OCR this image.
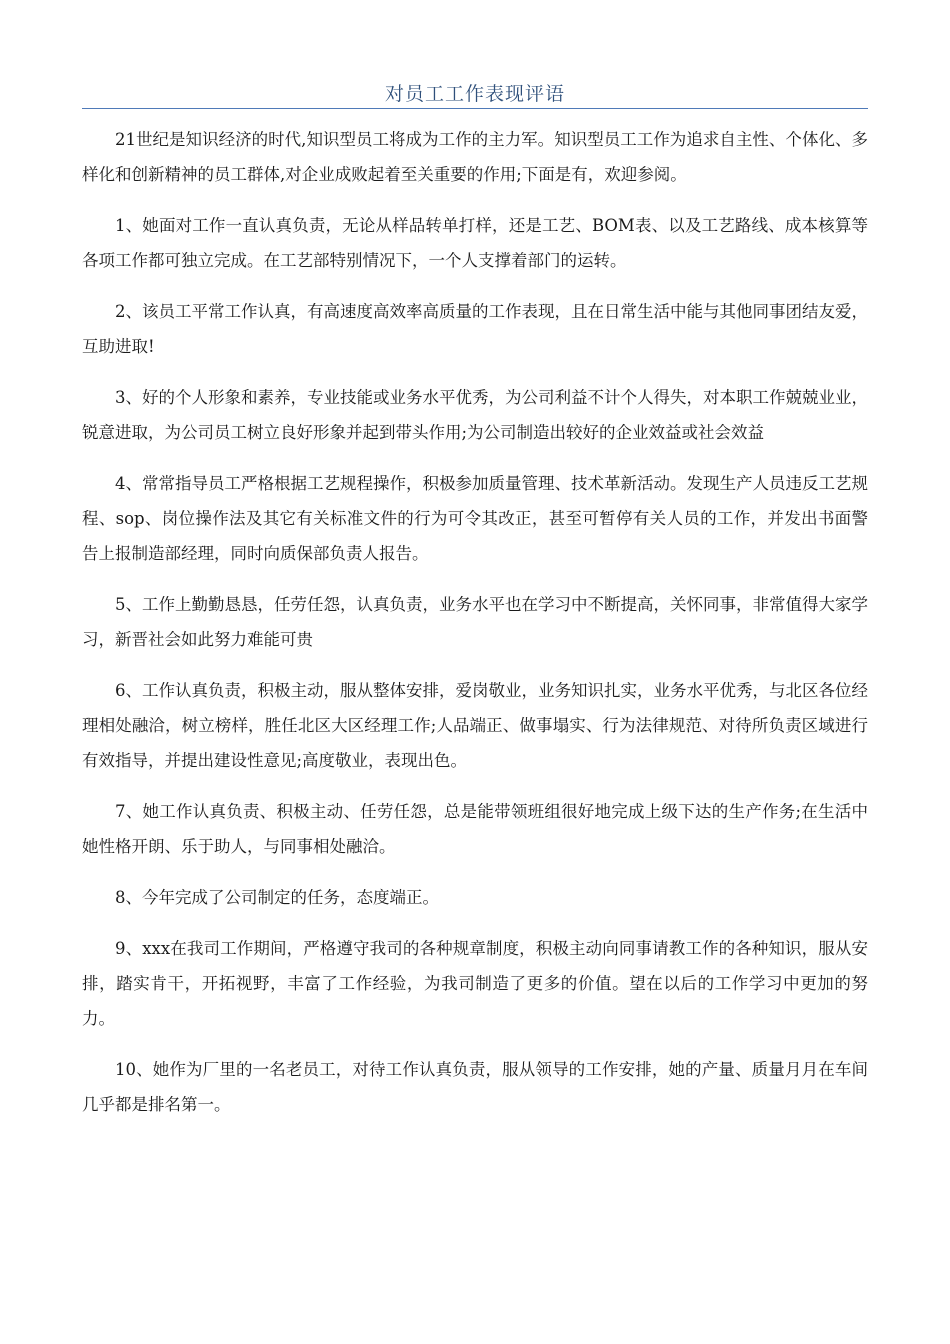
对员工工作表现评语

21世纪是知识经济的时代,知识型员工将成为工作的主力军。知识型员工工作为追求自主性、个体化、多样化和创新精神的员工群体,对企业成败起着至关重要的作用;下面是有，欢迎参阅。

1、她面对工作一直认真负责，无论从样品转单打样，还是工艺、BOM表、以及工艺路线、成本核算等各项工作都可独立完成。在工艺部特别情况下，一个人支撑着部门的运转。

2、该员工平常工作认真，有高速度高效率高质量的工作表现，且在日常生活中能与其他同事团结友爱，互助进取!

3、好的个人形象和素养，专业技能或业务水平优秀，为公司利益不计个人得失，对本职工作兢兢业业，锐意进取，为公司员工树立良好形象并起到带头作用;为公司制造出较好的企业效益或社会效益

4、常常指导员工严格根据工艺规程操作，积极参加质量管理、技术革新活动。发现生产人员违反工艺规程、sop、岗位操作法及其它有关标准文件的行为可令其改正，甚至可暂停有关人员的工作，并发出书面警告上报制造部经理，同时向质保部负责人报告。

5、工作上勤勤恳恳，任劳任怨，认真负责，业务水平也在学习中不断提高，关怀同事，非常值得大家学习，新晋社会如此努力难能可贵

6、工作认真负责，积极主动，服从整体安排，爱岗敬业，业务知识扎实，业务水平优秀，与北区各位经理相处融洽，树立榜样，胜任北区大区经理工作;人品端正、做事塌实、行为法律规范、对待所负责区域进行有效指导，并提出建设性意见;高度敬业，表现出色。

7、她工作认真负责、积极主动、任劳任怨，总是能带领班组很好地完成上级下达的生产作务;在生活中她性格开朗、乐于助人，与同事相处融洽。

8、今年完成了公司制定的任务，态度端正。

9、xxx在我司工作期间，严格遵守我司的各种规章制度，积极主动向同事请教工作的各种知识，服从安排，踏实肯干，开拓视野，丰富了工作经验，为我司制造了更多的价值。望在以后的工作学习中更加的努力。

10、她作为厂里的一名老员工，对待工作认真负责，服从领导的工作安排，她的产量、质量月月在车间几乎都是排名第一。
